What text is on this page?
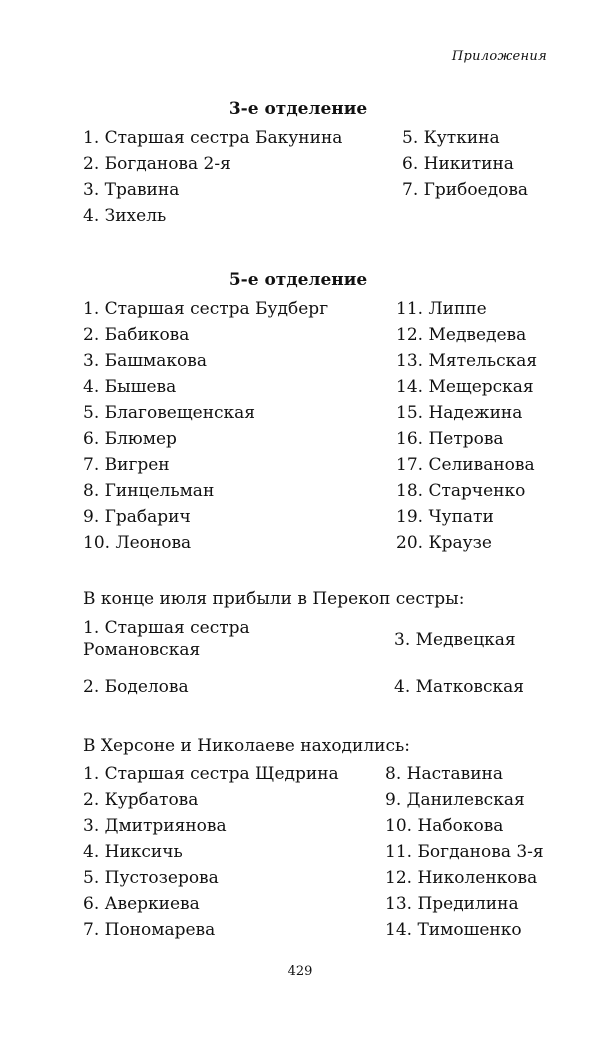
Приложения
3-е отделение
1. Старшая сестра Бакунина
2. Богданова 2-я
3. Травина
4. Зихель
5. Куткина
6. Никитина
7. Грибоедова
5-е отделение
1. Старшая сестра Будберг
2. Бабикова
3. Башмакова
4. Бышева
5. Благовещенская
6. Блюмер
7. Вигрен
8. Гинцельман
9. Грабарич
10. Леонова
11. Липпе
12. Медведева
13. Мятельская
14. Мещерская
15. Надежина
16. Петрова
17. Селиванова
18. Старченко
19. Чупати
20. Краузе
В конце июля прибыли в Перекоп сестры:
1. Старшая сестра
Романовская	3. Медвецкая
2. Боделова	4. Матковская
В Херсоне и Николаеве находились:
1. Старшая сестра Щедрина
2. Курбатова
3. Дмитриянова
4. Никсичь
5. Пустозерова
6. Аверкиева
7. Пономарева
8. Наставина
9. Данилевская
10. Набокова
11. Богданова 3-я
12. Николенкова
13. Предилина
14. Тимошенко
429
